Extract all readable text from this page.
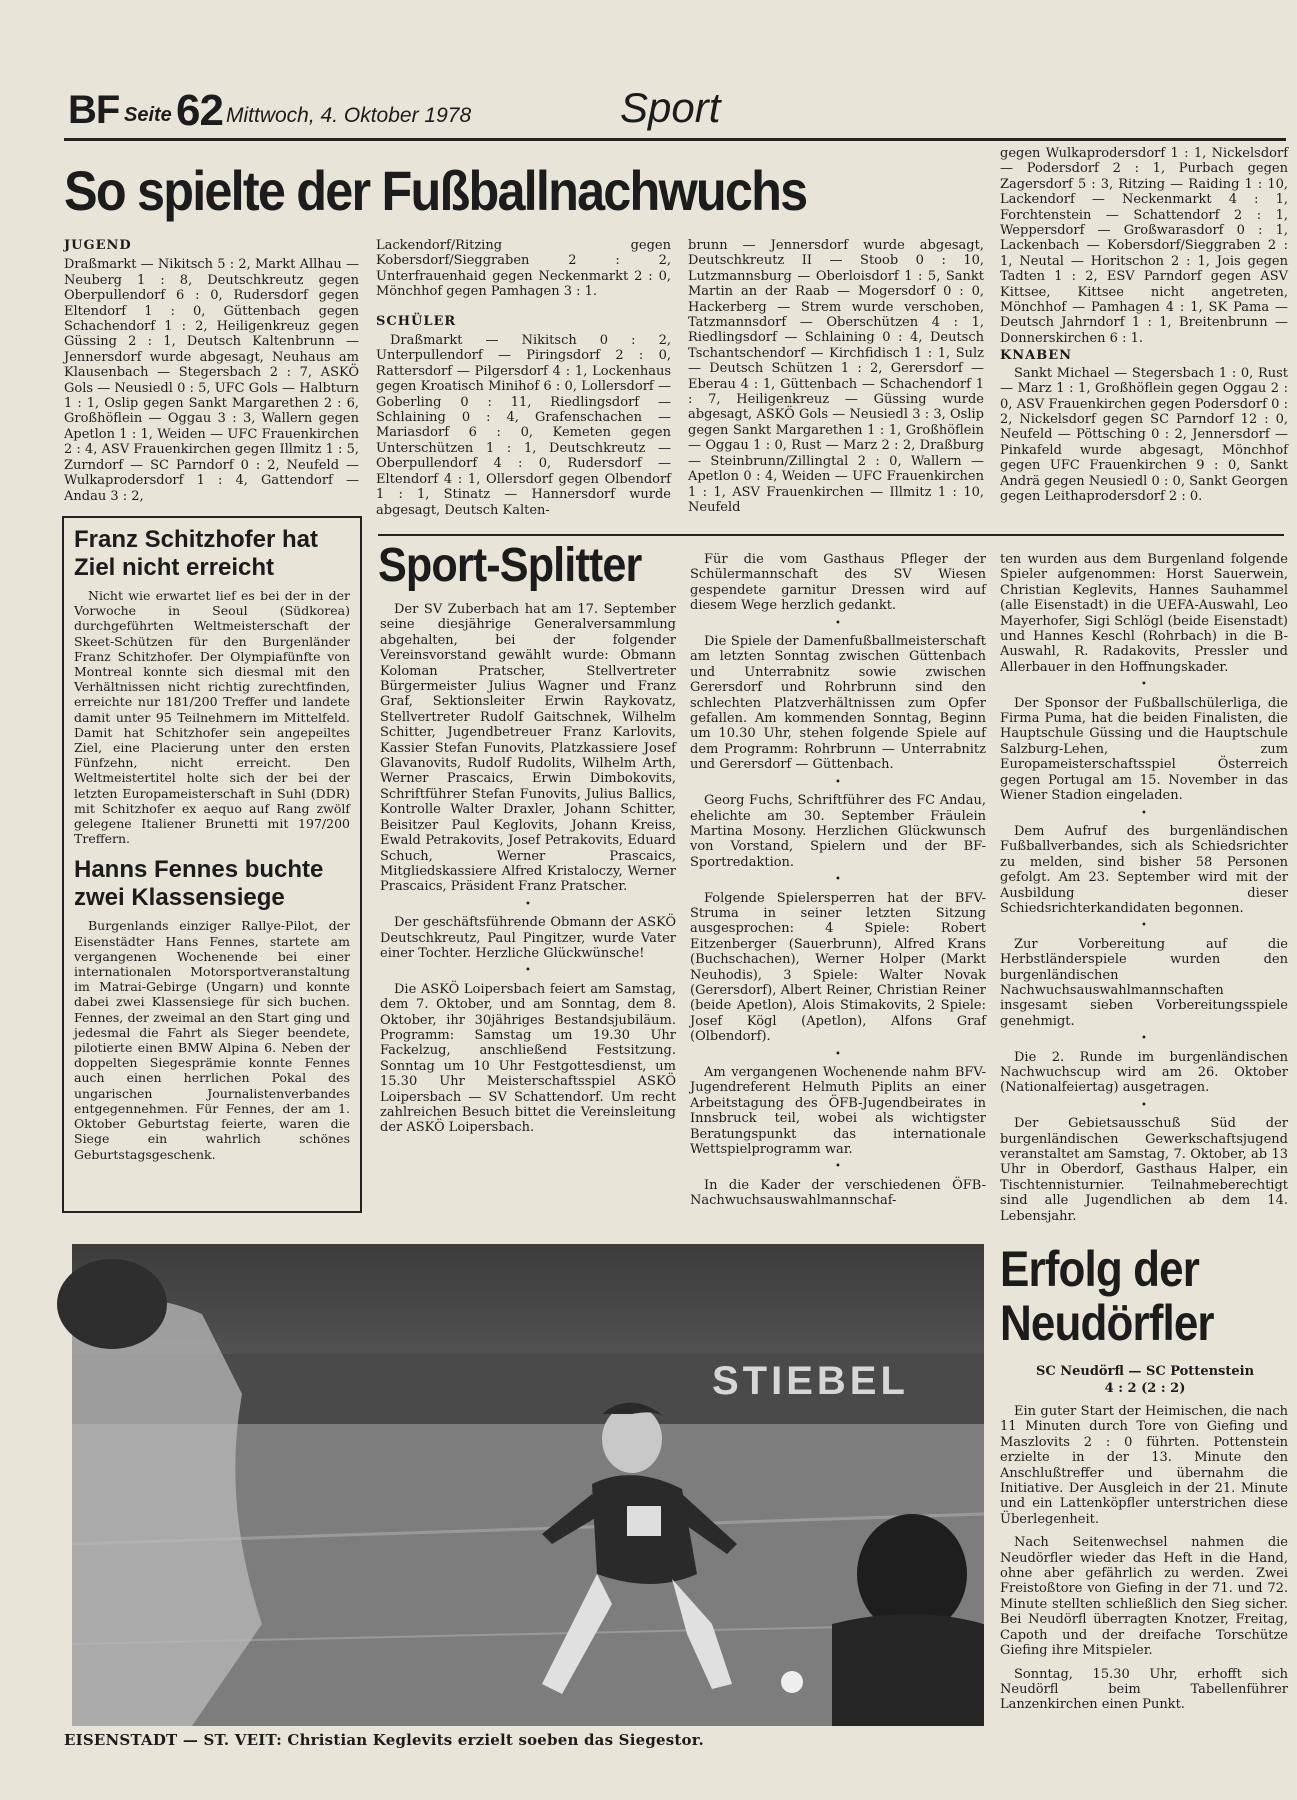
BF Seite 62 Mittwoch, 4. Oktober 1978	Sport
So spielte der Fußballnachwuchs
JUGEND

Draßmarkt — Nikitsch 5 : 2, Markt Allhau — Neuberg 1 : 8, Deutschkreutz gegen Oberpullendorf 6 : 0, Rudersdorf gegen Eltendorf 1 : 0, Güttenbach gegen Schachendorf 1 : 2, Heiligenkreuz gegen Güssing 2 : 1, Deutsch Kaltenbrunn — Jennersdorf wurde abgesagt, Neuhaus am Klausenbach — Stegersbach 2 : 7, ASKÖ Gols — Neusiedl 0 : 5, UFC Gols — Halbturn 1 : 1, Oslip gegen Sankt Margarethen 2 : 6, Großhöflein — Oggau 3 : 3, Wallern gegen Apetlon 1 : 1, Weiden — UFC Frauenkirchen 2 : 4, ASV Frauenkirchen gegen Illmitz 1 : 5, Zurndorf — SC Parndorf 0 : 2, Neufeld — Wulkaprodersdorf 1 : 4, Gattendorf — Andau 3 : 2,

Lackendorf/Ritzing gegen Kobersdorf/Sieggraben 2 : 2, Unterfrauenhaid gegen Neckenmarkt 2 : 0, Mönchhof gegen Pamhagen 3 : 1.

SCHÜLER

Draßmarkt — Nikitsch 0 : 2, Unterpullendorf — Piringsdorf 2 : 0, Rattersdorf — Pilgersdorf 4 : 1, Lockenhaus gegen Kroatisch Minihof 6 : 0, Lollersdorf — Goberling 0 : 11, Riedlingsdorf — Schlaining 0 : 4, Grafenschachen — Mariasdorf 6 : 0, Kemeten gegen Unterschützen 1 : 1, Deutschkreutz — Oberpullendorf 4 : 0, Rudersdorf — Eltendorf 4 : 1, Ollersdorf gegen Olbendorf 1 : 1, Stinatz — Hannersdorf wurde abgesagt, Deutsch Kalten-

brunn — Jennersdorf wurde abgesagt, Deutschkreutz II — Stoob 0 : 10, Lutzmannsburg — Oberloisdorf 1 : 5, Sankt Martin an der Raab — Mogersdorf 0 : 0, Hackerberg — Strem wurde verschoben, Tatzmannsdorf — Oberschützen 4 : 1, Riedlingsdorf — Schlaining 0 : 4, Deutsch Tschantschendorf — Kirchfidisch 1 : 1, Sulz — Deutsch Schützen 1 : 2, Gerersdorf — Eberau 4 : 1, Güttenbach — Schachendorf 1 : 7, Heiligenkreuz — Güssing wurde abgesagt, ASKÖ Gols — Neusiedl 3 : 3, Oslip gegen Sankt Margarethen 1 : 1, Großhöflein — Oggau 1 : 0, Rust — Marz 2 : 2, Draßburg — Steinbrunn/Zillingtal 2 : 0, Wallern — Apetlon 0 : 4, Weiden — UFC Frauenkirchen 1 : 1, ASV Frauenkirchen — Illmitz 1 : 10, Neufeld

gegen Wulkaprodersdorf 1 : 1, Nickelsdorf — Podersdorf 2 : 1, Purbach gegen Zagersdorf 5 : 3, Ritzing — Raiding 1 : 10, Lackendorf — Neckenmarkt 4 : 1, Forchtenstein — Schattendorf 2 : 1, Weppersdorf — Großwarasdorf 0 : 1, Lackenbach — Kobersdorf/Sieggraben 2 : 1, Neutal — Horitschon 2 : 1, Jois gegen Tadten 1 : 2, ESV Parndorf gegen ASV Kittsee, Kittsee nicht angetreten, Mönchhof — Pamhagen 4 : 1, SK Pama — Deutsch Jahrndorf 1 : 1, Breitenbrunn — Donnerskirchen 6 : 1.

KNABEN

Sankt Michael — Stegersbach 1 : 0, Rust — Marz 1 : 1, Großhöflein gegen Oggau 2 : 0, ASV Frauenkirchen gegen Podersdorf 0 : 2, Nickelsdorf gegen SC Parndorf 12 : 0, Neufeld — Pöttsching 0 : 2, Jennersdorf — Pinkafeld wurde abgesagt, Mönchhof gegen UFC Frauenkirchen 9 : 0, Sankt Andrä gegen Neusiedl 0 : 0, Sankt Georgen gegen Leithaprodersdorf 2 : 0.

Franz Schitzhofer hat Ziel nicht erreicht

Nicht wie erwartet lief es bei der in der Vorwoche in Seoul (Südkorea) durchgeführten Weltmeisterschaft der Skeet-Schützen für den Burgenländer Franz Schitzhofer. Der Olympiafünfte von Montreal konnte sich diesmal mit den Verhältnissen nicht richtig zurechtfinden, erreichte nur 181/200 Treffer und landete damit unter 95 Teilnehmern im Mittelfeld. Damit hat Schitzhofer sein angepeiltes Ziel, eine Placierung unter den ersten Fünfzehn, nicht erreicht. Den Weltmeistertitel holte sich der bei der letzten Europameisterschaft in Suhl (DDR) mit Schitzhofer ex aequo auf Rang zwölf gelegene Italiener Brunetti mit 197/200 Treffern.

Hanns Fennes buchte zwei Klassensiege

Burgenlands einziger Rallye-Pilot, der Eisenstädter Hans Fennes, startete am vergangenen Wochenende bei einer internationalen Motorsportveranstaltung im Matrai-Gebirge (Ungarn) und konnte dabei zwei Klassensiege für sich buchen. Fennes, der zweimal an den Start ging und jedesmal die Fahrt als Sieger beendete, pilotierte einen BMW Alpina 6. Neben der doppelten Siegesprämie konnte Fennes auch einen herrlichen Pokal des ungarischen Journalistenverbandes entgegennehmen. Für Fennes, der am 1. Oktober Geburtstag feierte, waren die Siege ein wahrlich schönes Geburtstagsgeschenk.

Sport-Splitter

Der SV Zuberbach hat am 17. September seine diesjährige Generalversammlung abgehalten, bei der folgender Vereinsvorstand gewählt wurde: Obmann Koloman Pratscher, Stellvertreter Bürgermeister Julius Wagner und Franz Graf, Sektionsleiter Erwin Raykovatz, Stellvertreter Rudolf Gaitschnek, Wilhelm Schitter, Jugendbetreuer Franz Karlovits, Kassier Stefan Funovits, Platzkassiere Josef Glavanovits, Rudolf Rudolits, Wilhelm Arth, Werner Prascaics, Erwin Dimbokovits, Schriftführer Stefan Funovits, Julius Ballics, Kontrolle Walter Draxler, Johann Schitter, Beisitzer Paul Keglovits, Johann Kreiss, Ewald Petrakovits, Josef Petrakovits, Eduard Schuch, Werner Prascaics, Mitgliedskassiere Alfred Kristaloczy, Werner Prascaics, Präsident Franz Pratscher.

•

Der geschäftsführende Obmann der ASKÖ Deutschkreutz, Paul Pingitzer, wurde Vater einer Tochter. Herzliche Glückwünsche!

•

Die ASKÖ Loipersbach feiert am Samstag, dem 7. Oktober, und am Sonntag, dem 8. Oktober, ihr 30jähriges Bestandsjubiläum. Programm: Samstag um 19.30 Uhr Fackelzug, anschließend Festsitzung. Sonntag um 10 Uhr Festgottesdienst, um 15.30 Uhr Meisterschaftsspiel ASKÖ Loipersbach — SV Schattendorf. Um recht zahlreichen Besuch bittet die Vereinsleitung der ASKÖ Loipersbach.

Für die vom Gasthaus Pfleger der Schülermannschaft des SV Wiesen gespendete garnitur Dressen wird auf diesem Wege herzlich gedankt.

•

Die Spiele der Damenfußballmeisterschaft am letzten Sonntag zwischen Güttenbach und Unterrabnitz sowie zwischen Gerersdorf und Rohrbrunn sind den schlechten Platzverhältnissen zum Opfer gefallen. Am kommenden Sonntag, Beginn um 10.30 Uhr, stehen folgende Spiele auf dem Programm: Rohrbrunn — Unterrabnitz und Gerersdorf — Güttenbach.

•

Georg Fuchs, Schriftführer des FC Andau, ehelichte am 30. September Fräulein Martina Mosony. Herzlichen Glückwunsch von Vorstand, Spielern und der BF-Sportredaktion.

•

Folgende Spielersperren hat der BFV-Struma in seiner letzten Sitzung ausgesprochen: 4 Spiele: Robert Eitzenberger (Sauerbrunn), Alfred Krans (Buchschachen), Werner Holper (Markt Neuhodis), 3 Spiele: Walter Novak (Gerersdorf), Albert Reiner, Christian Reiner (beide Apetlon), Alois Stimakovits, 2 Spiele: Josef Kögl (Apetlon), Alfons Graf (Olbendorf).

•

Am vergangenen Wochenende nahm BFV-Jugendreferent Helmuth Piplits an einer Arbeitstagung des ÖFB-Jugendbeirates in Innsbruck teil, wobei als wichtigster Beratungspunkt das internationale Wettspielprogramm war.

•

In die Kader der verschiedenen ÖFB-Nachwuchsauswahlmannschaf-

ten wurden aus dem Burgenland folgende Spieler aufgenommen: Horst Sauerwein, Christian Keglevits, Hannes Sauhammel (alle Eisenstadt) in die UEFA-Auswahl, Leo Mayerhofer, Sigi Schlögl (beide Eisenstadt) und Hannes Keschl (Rohrbach) in die B-Auswahl, R. Radakovits, Pressler und Allerbauer in den Hoffnungskader.

•

Der Sponsor der Fußballschülerliga, die Firma Puma, hat die beiden Finalisten, die Hauptschule Güssing und die Hauptschule Salzburg-Lehen, zum Europameisterschaftsspiel Österreich gegen Portugal am 15. November in das Wiener Stadion eingeladen.

•

Dem Aufruf des burgenländischen Fußballverbandes, sich als Schiedsrichter zu melden, sind bisher 58 Personen gefolgt. Am 23. September wird mit der Ausbildung dieser Schiedsrichterkandidaten begonnen.

•

Zur Vorbereitung auf die Herbstländerspiele wurden den burgenländischen Nachwuchsauswahlmannschaften insgesamt sieben Vorbereitungsspiele genehmigt.

•

Die 2. Runde im burgenländischen Nachwuchscup wird am 26. Oktober (Nationalfeiertag) ausgetragen.

•

Der Gebietsausschuß Süd der burgenländischen Gewerkschaftsjugend veranstaltet am Samstag, 7. Oktober, ab 13 Uhr in Oberdorf, Gasthaus Halper, ein Tischtennisturnier. Teilnahmeberechtigt sind alle Jugendlichen ab dem 14. Lebensjahr.

STIEBEL
EISENSTADT — ST. VEIT: Christian Keglevits erzielt soeben das Siegestor.
Erfolg der
Neudörfler
SC Neudörfl — SC Pottenstein
4 : 2 (2 : 2)

Ein guter Start der Heimischen, die nach 11 Minuten durch Tore von Giefing und Maszlovits 2 : 0 führten. Pottenstein erzielte in der 13. Minute den Anschlußtreffer und übernahm die Initiative. Der Ausgleich in der 21. Minute und ein Lattenköpfler unterstrichen diese Überlegenheit.

Nach Seitenwechsel nahmen die Neudörfler wieder das Heft in die Hand, ohne aber gefährlich zu werden. Zwei Freistoßtore von Giefing in der 71. und 72. Minute stellten schließlich den Sieg sicher. Bei Neudörfl überragten Knotzer, Freitag, Capoth und der dreifache Torschütze Giefing ihre Mitspieler.

Sonntag, 15.30 Uhr, erhofft sich Neudörfl beim Tabellenführer Lanzenkirchen einen Punkt.
